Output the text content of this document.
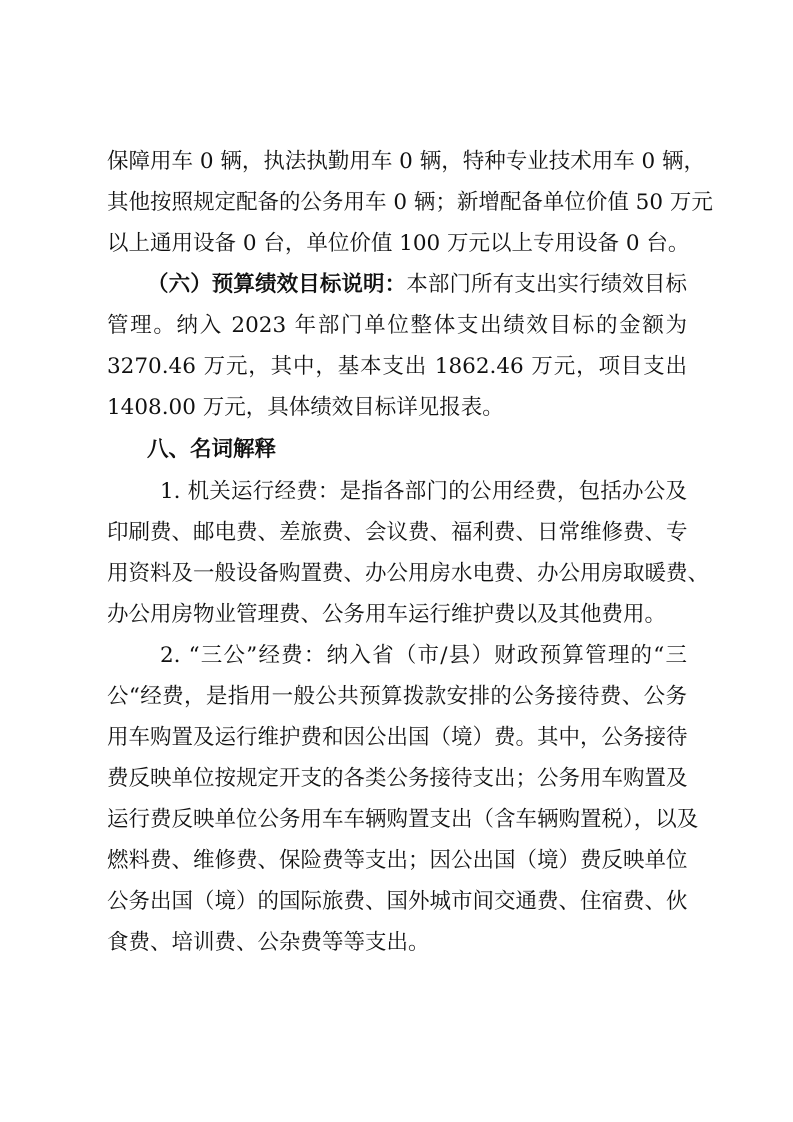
保障用车 0 辆，执法执勤用车 0 辆，特种专业技术用车 0 辆，
其他按照规定配备的公务用车 0 辆；新增配备单位价值 50 万元
以上通用设备 0 台，单位价值 100 万元以上专用设备 0 台。
（六）预算绩效目标说明：本部门所有支出实行绩效目标
管理。纳入 2023 年部门单位整体支出绩效目标的金额为
3270.46 万元，其中，基本支出 1862.46 万元，项目支出
1408.00 万元，具体绩效目标详见报表。
八、名词解释
1. 机关运行经费：是指各部门的公用经费，包括办公及
印刷费、邮电费、差旅费、会议费、福利费、日常维修费、专
用资料及一般设备购置费、办公用房水电费、办公用房取暖费、
办公用房物业管理费、公务用车运行维护费以及其他费用。
2. “三公”经费：纳入省（市/县）财政预算管理的“三
公“经费，是指用一般公共预算拨款安排的公务接待费、公务
用车购置及运行维护费和因公出国（境）费。其中，公务接待
费反映单位按规定开支的各类公务接待支出；公务用车购置及
运行费反映单位公务用车车辆购置支出（含车辆购置税），以及
燃料费、维修费、保险费等支出；因公出国（境）费反映单位
公务出国（境）的国际旅费、国外城市间交通费、住宿费、伙
食费、培训费、公杂费等等支出。
